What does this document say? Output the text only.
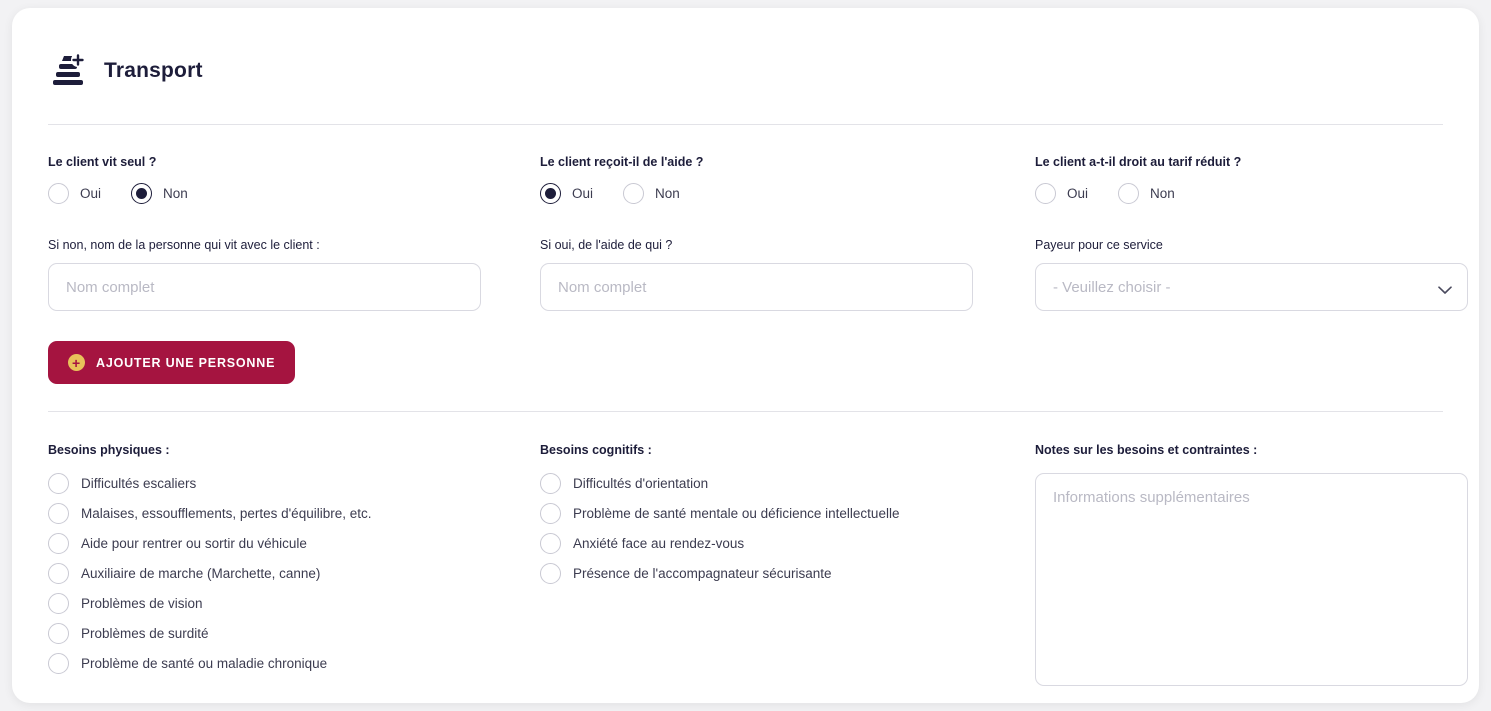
Transport
Le client vit seul ?
Oui	Non
Si non, nom de la personne qui vit avec le client :
Nom complet
Le client reçoit-il de l'aide ?
Oui	Non
Si oui, de l'aide de qui ?
Nom complet
Le client a-t-il droit au tarif réduit ?
Oui	Non
Payeur pour ce service
- Veuillez choisir -
+	AJOUTER UNE PERSONNE
Besoins physiques :
Difficultés escaliers
Malaises, essoufflements, pertes d'équilibre, etc.
Aide pour rentrer ou sortir du véhicule
Auxiliaire de marche (Marchette, canne)
Problèmes de vision
Problèmes de surdité
Problème de santé ou maladie chronique
Besoins cognitifs :
Difficultés d'orientation
Problème de santé mentale ou déficience intellectuelle
Anxiété face au rendez-vous
Présence de l'accompagnateur sécurisante
Notes sur les besoins et contraintes :
Informations supplémentaires
